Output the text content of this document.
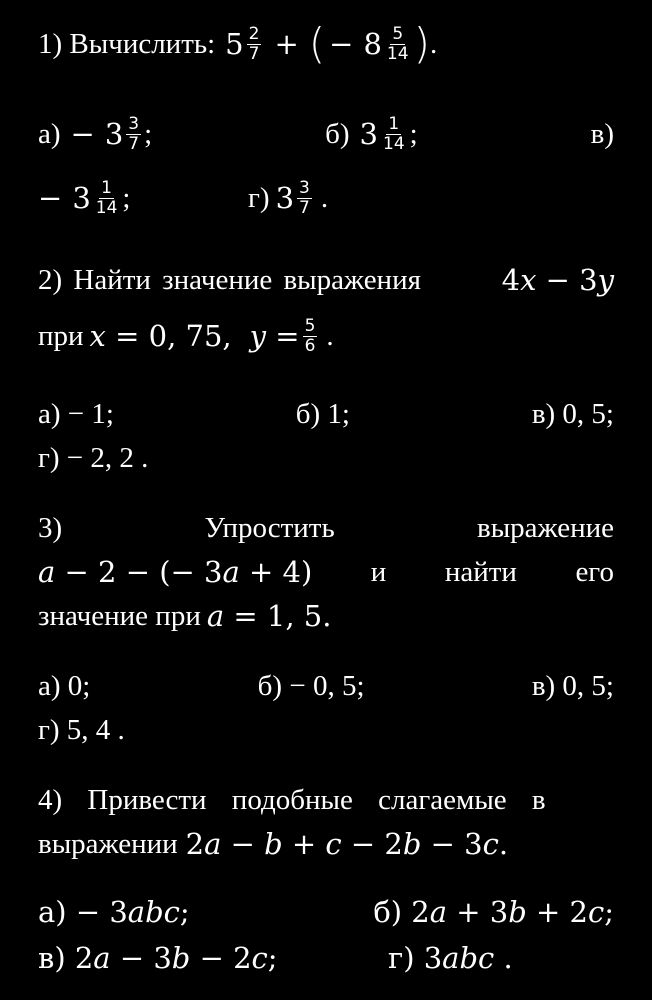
1) Вычислить: $5 \frac{2}{7}$ + ( − $8 \frac{5}{14}$ ) .
$а) - 3 \frac{3}{7}$ ;	б) $3 \frac{1}{14}$ ;	в)
− $3 \frac{1}{14}$ ;	г) $3 \frac{3}{7}$ .
2) Найти значение выражения	4𝑥 − 3𝑦
при 𝑥 = 0, 75, 𝑦 = $\frac{5}{6}$ .
а) − 1;	б) 1;	в) 0, 5;
г) − 2, 2 .
3)	Упростить	выражение
𝑎 − 2 − (− 3𝑎 + 4) и найти его
значение при 𝑎 = 1, 5.
а) 0;	б) − 0, 5;	в) 0, 5;
г) 5, 4 .
4) Привести подобные слагаемые в
выражении 2𝑎 − 𝑏 + 𝑐 − 2𝑏 − 3𝑐.
а) − 3𝑎𝑏𝑐;	б) 2𝑎 + 3𝑏 + 2𝑐;
в) 2𝑎 − 3𝑏 − 2𝑐;	г) 3𝑎𝑏𝑐 .
